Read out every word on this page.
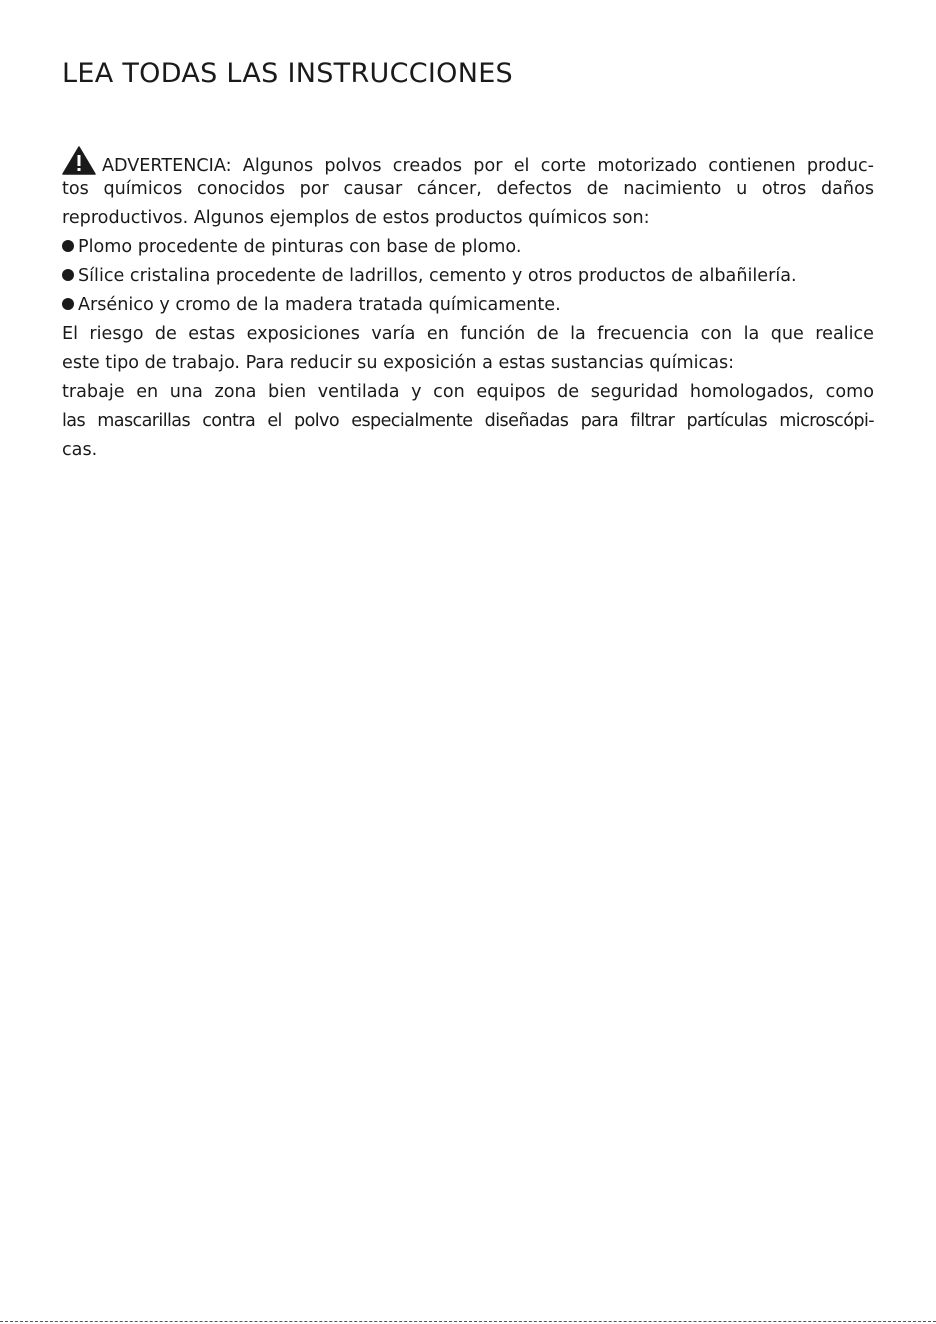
LEA TODAS LAS INSTRUCCIONES
ADVERTENCIA: Algunos polvos creados por el corte motorizado contienen produc-
tos químicos conocidos por causar cáncer, defectos de nacimiento u otros daños
reproductivos. Algunos ejemplos de estos productos químicos son:
Plomo procedente de pinturas con base de plomo.
Sílice cristalina procedente de ladrillos, cemento y otros productos de albañilería.
Arsénico y cromo de la madera tratada químicamente.
El riesgo de estas exposiciones varía en función de la frecuencia con la que realice
este tipo de trabajo. Para reducir su exposición a estas sustancias químicas:
trabaje en una zona bien ventilada y con equipos de seguridad homologados, como
las mascarillas contra el polvo especialmente diseñadas para filtrar partículas microscópi-
cas.
